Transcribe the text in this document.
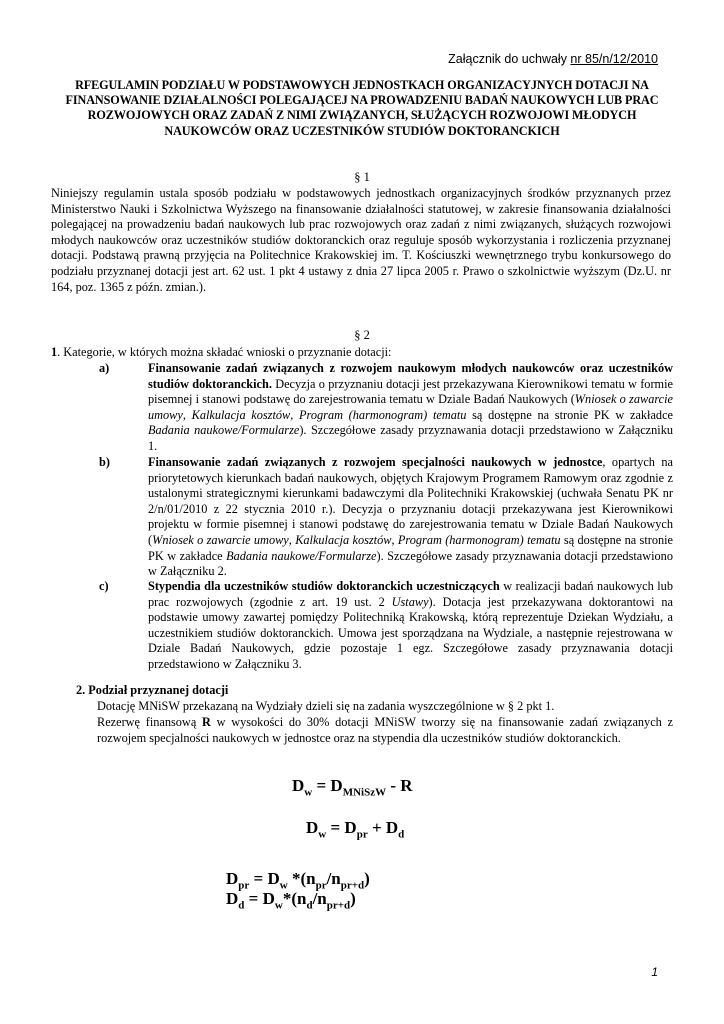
Załącznik do uchwały nr 85/n/12/2010
RFEGULAMIN PODZIAŁU W PODSTAWOWYCH JEDNOSTKACH ORGANIZACYJNYCH DOTACJI NA FINANSOWANIE DZIAŁALNOŚCI POLEGAJĄCEJ NA PROWADZENIU BADAŃ NAUKOWYCH LUB PRAC ROZWOJOWYCH ORAZ ZADAŃ Z NIMI ZWIĄZANYCH, SŁUŻĄCYCH ROZWOJOWI MŁODYCH NAUKOWCÓW ORAZ UCZESTNIKÓW STUDIÓW DOKTORANCKICH
§ 1
Niniejszy regulamin ustala sposób podziału w podstawowych jednostkach organizacyjnych środków przyznanych przez Ministerstwo Nauki i Szkolnictwa Wyższego na finansowanie działalności statutowej, w zakresie finansowania działalności polegającej na prowadzeniu badań naukowych lub prac rozwojowych oraz zadań z nimi związanych, służących rozwojowi młodych naukowców oraz uczestników studiów doktoranckich oraz reguluje sposób wykorzystania i rozliczenia przyznanej dotacji. Podstawą prawną przyjęcia na Politechnice Krakowskiej im. T. Kościuszki wewnętrznego trybu konkursowego do podziału przyznanej dotacji jest art. 62 ust. 1 pkt 4 ustawy z dnia 27 lipca 2005 r. Prawo o szkolnictwie wyższym (Dz.U. nr 164, poz. 1365 z późn. zmian.).
§ 2
1. Kategorie, w których można składać wnioski o przyznanie dotacji:
a)	Finansowanie zadań związanych z rozwojem naukowym młodych naukowców oraz uczestników studiów doktoranckich. Decyzja o przyznaniu dotacji jest przekazywana Kierownikowi tematu w formie pisemnej i stanowi podstawę do zarejestrowania tematu w Dziale Badań Naukowych (Wniosek o zawarcie umowy, Kalkulacja kosztów, Program (harmonogram) tematu są dostępne na stronie PK w zakładce Badania naukowe/Formularze). Szczegółowe zasady przyznawania dotacji przedstawiono w Załączniku 1.
b)	Finansowanie zadań związanych z rozwojem specjalności naukowych w jednostce, opartych na priorytetowych kierunkach badań naukowych, objętych Krajowym Programem Ramowym oraz zgodnie z ustalonymi strategicznymi kierunkami badawczymi dla Politechniki Krakowskiej (uchwała Senatu PK nr 2/n/01/2010 z 22 stycznia 2010 r.). Decyzja o przyznaniu dotacji przekazywana jest Kierownikowi projektu w formie pisemnej i stanowi podstawę do zarejestrowania tematu w Dziale Badań Naukowych (Wniosek o zawarcie umowy, Kalkulacja kosztów, Program (harmonogram) tematu są dostępne na stronie PK w zakładce Badania naukowe/Formularze). Szczegółowe zasady przyznawania dotacji przedstawiono w Załączniku 2.
c)	Stypendia dla uczestników studiów doktoranckich uczestniczących w realizacji badań naukowych lub prac rozwojowych (zgodnie z art. 19 ust. 2 Ustawy). Dotacja jest przekazywana doktorantowi na podstawie umowy zawartej pomiędzy Politechniką Krakowską, którą reprezentuje Dziekan Wydziału, a uczestnikiem studiów doktoranckich. Umowa jest sporządzana na Wydziale, a następnie rejestrowana w Dziale Badań Naukowych, gdzie pozostaje 1 egz. Szczegółowe zasady przyznawania dotacji przedstawiono w Załączniku 3.
2. Podział przyznanej dotacji
Dotację MNiSW przekazaną na Wydziały dzieli się na zadania wyszczególnione w § 2 pkt 1.
Rezerwę finansową R w wysokości do 30% dotacji MNiSW tworzy się na finansowanie zadań związanych z rozwojem specjalności naukowych w jednostce oraz na stypendia dla uczestników studiów doktoranckich.
$D_w = D_{MNiSzW} - R$
$D_w = D_{pr} + D_d$
$D_{pr} = D_w$ $*(n_{pr}/n_{pr+d})$
$D_d = D_w*(n_d/n_{pr+d})$
1
